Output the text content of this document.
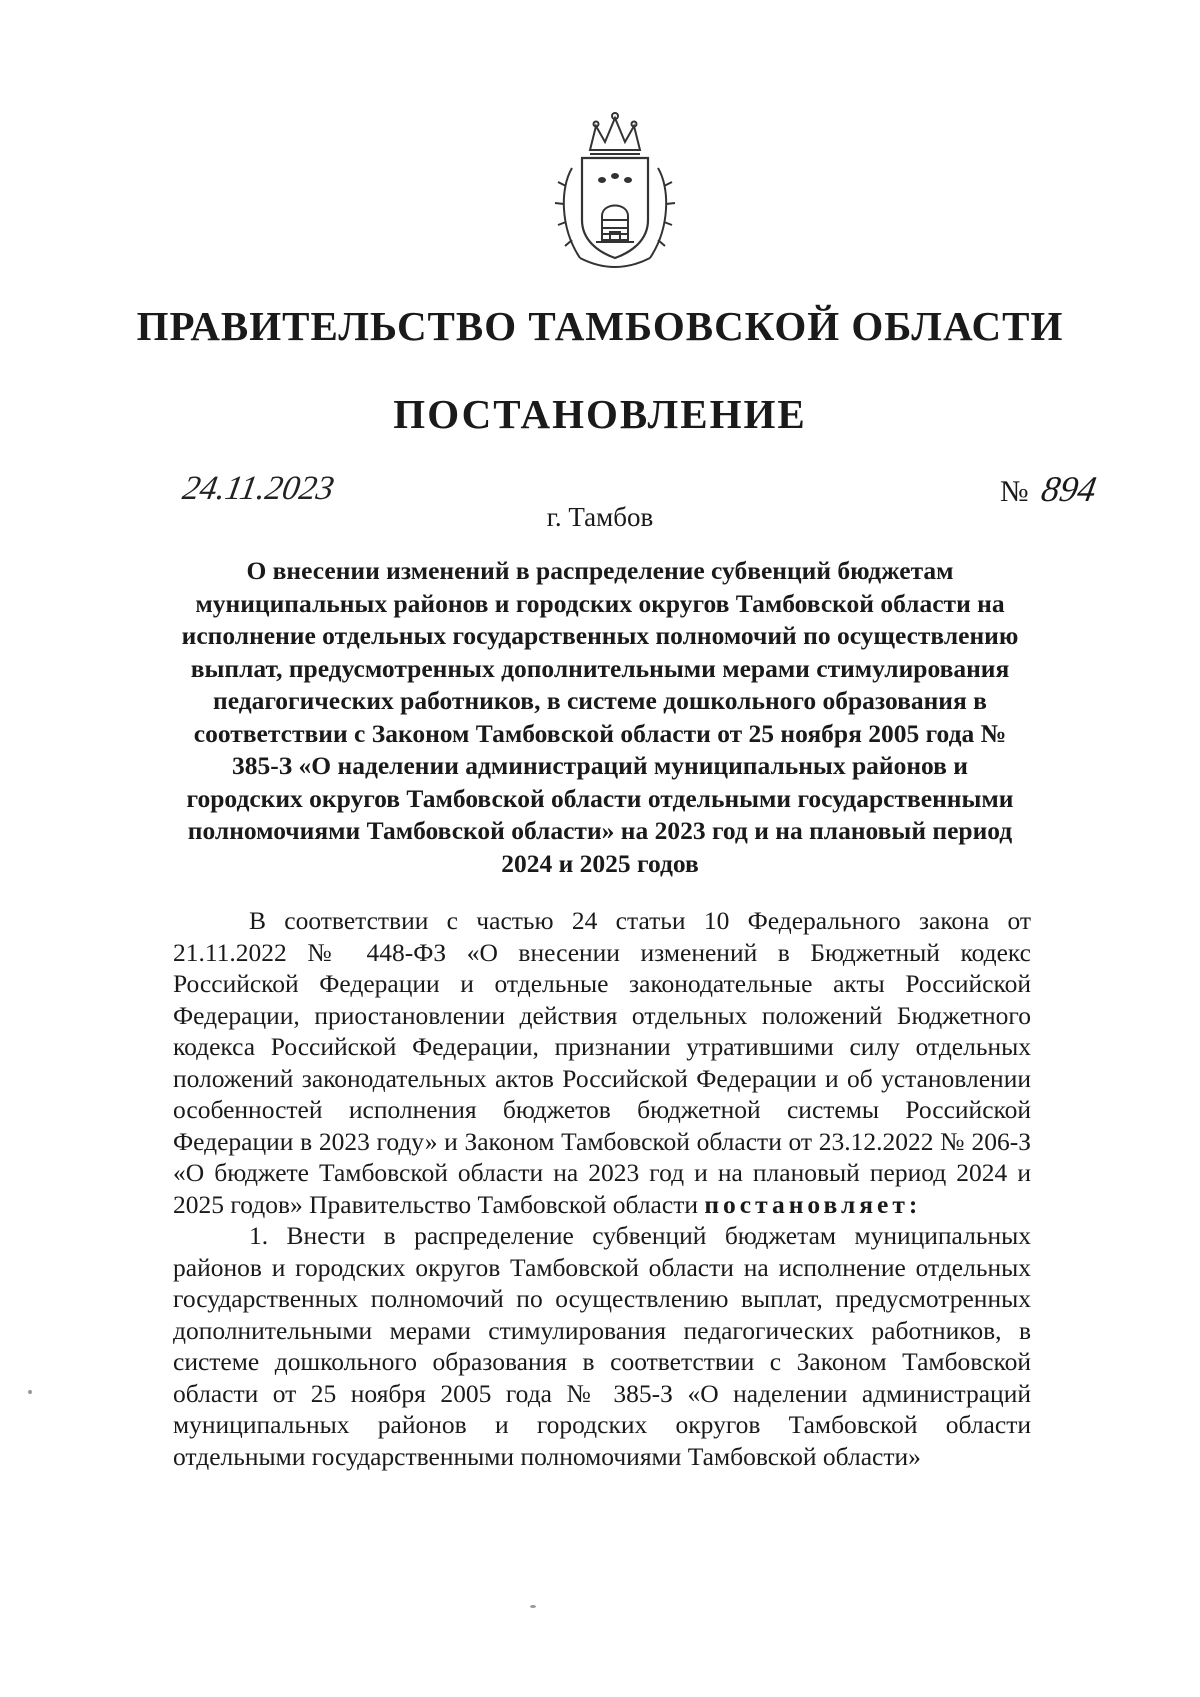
ПРАВИТЕЛЬСТВО ТАМБОВСКОЙ ОБЛАСТИ
ПОСТАНОВЛЕНИЕ
24.11.2023	№ 894
г. Тамбов
О внесении изменений в распределение субвенций бюджетам муниципальных районов и городских округов Тамбовской области на исполнение отдельных государственных полномочий по осуществлению выплат, предусмотренных дополнительными мерами стимулирования педагогических работников, в системе дошкольного образования в соответствии с Законом Тамбовской области от 25 ноября 2005 года № 385-З «О наделении администраций муниципальных районов и городских округов Тамбовской области отдельными государственными полномочиями Тамбовской области» на 2023 год и на плановый период 2024 и 2025 годов

В соответствии с частью 24 статьи 10 Федерального закона от 21.11.2022 № 448-ФЗ «О внесении изменений в Бюджетный кодекс Российской Федерации и отдельные законодательные акты Российской Федерации, приостановлении действия отдельных положений Бюджетного кодекса Российской Федерации, признании утратившими силу отдельных положений законодательных актов Российской Федерации и об установлении особенностей исполнения бюджетов бюджетной системы Российской Федерации в 2023 году» и Законом Тамбовской области от 23.12.2022 № 206-З «О бюджете Тамбовской области на 2023 год и на плановый период 2024 и 2025 годов» Правительство Тамбовской области постановляет:

1. Внести в распределение субвенций бюджетам муниципальных районов и городских округов Тамбовской области на исполнение отдельных государственных полномочий по осуществлению выплат, предусмотренных дополнительными мерами стимулирования педагогических работников, в системе дошкольного образования в соответствии с Законом Тамбовской области от 25 ноября 2005 года № 385-З «О наделении администраций муниципальных районов и городских округов Тамбовской области отдельными государственными полномочиями Тамбовской области»
